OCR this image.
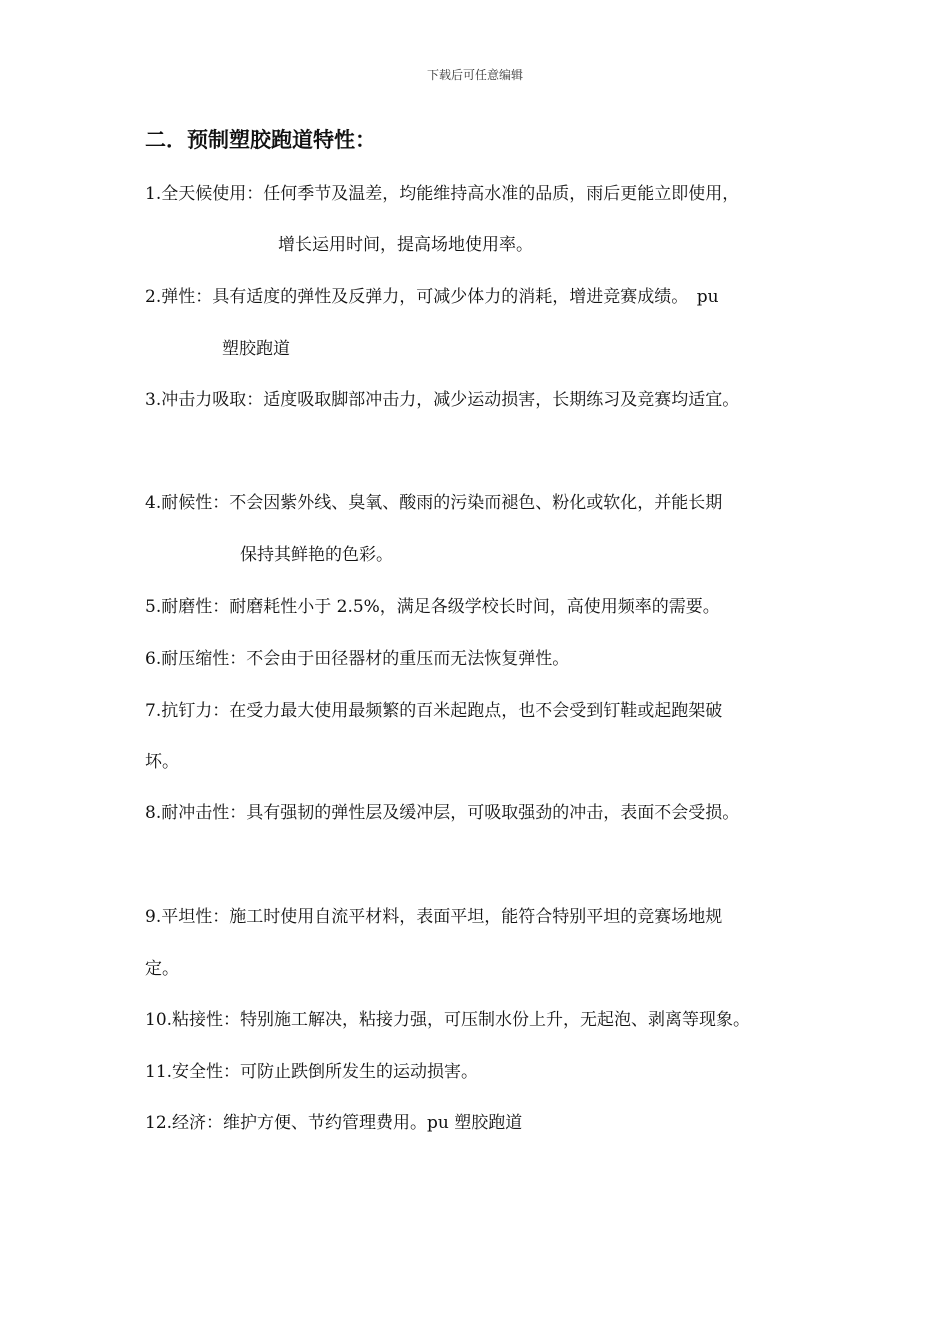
下载后可任意编辑
二．预制塑胶跑道特性：
1.全天候使用：任何季节及温差，均能维持高水准的品质，雨后更能立即使用，
增长运用时间，提高场地使用率。
2.弹性：具有适度的弹性及反弹力，可减少体力的消耗，增进竞赛成绩。　pu
塑胶跑道
3.冲击力吸取：适度吸取脚部冲击力，减少运动损害，长期练习及竞赛均适宜。
4.耐候性：不会因紫外线、臭氧、酸雨的污染而褪色、粉化或软化，并能长期
保持其鲜艳的色彩。
5.耐磨性：耐磨耗性小于 2.5%，满足各级学校长时间，高使用频率的需要。
6.耐压缩性：不会由于田径器材的重压而无法恢复弹性。
7.抗钉力：在受力最大使用最频繁的百米起跑点，也不会受到钉鞋或起跑架破
坏。
8.耐冲击性：具有强韧的弹性层及缓冲层，可吸取强劲的冲击，表面不会受损。
9.平坦性：施工时使用自流平材料，表面平坦，能符合特别平坦的竞赛场地规
定。
10.粘接性：特别施工解决，粘接力强，可压制水份上升，无起泡、剥离等现象。
11.安全性：可防止跌倒所发生的运动损害。
12.经济：维护方便、节约管理费用。pu 塑胶跑道
